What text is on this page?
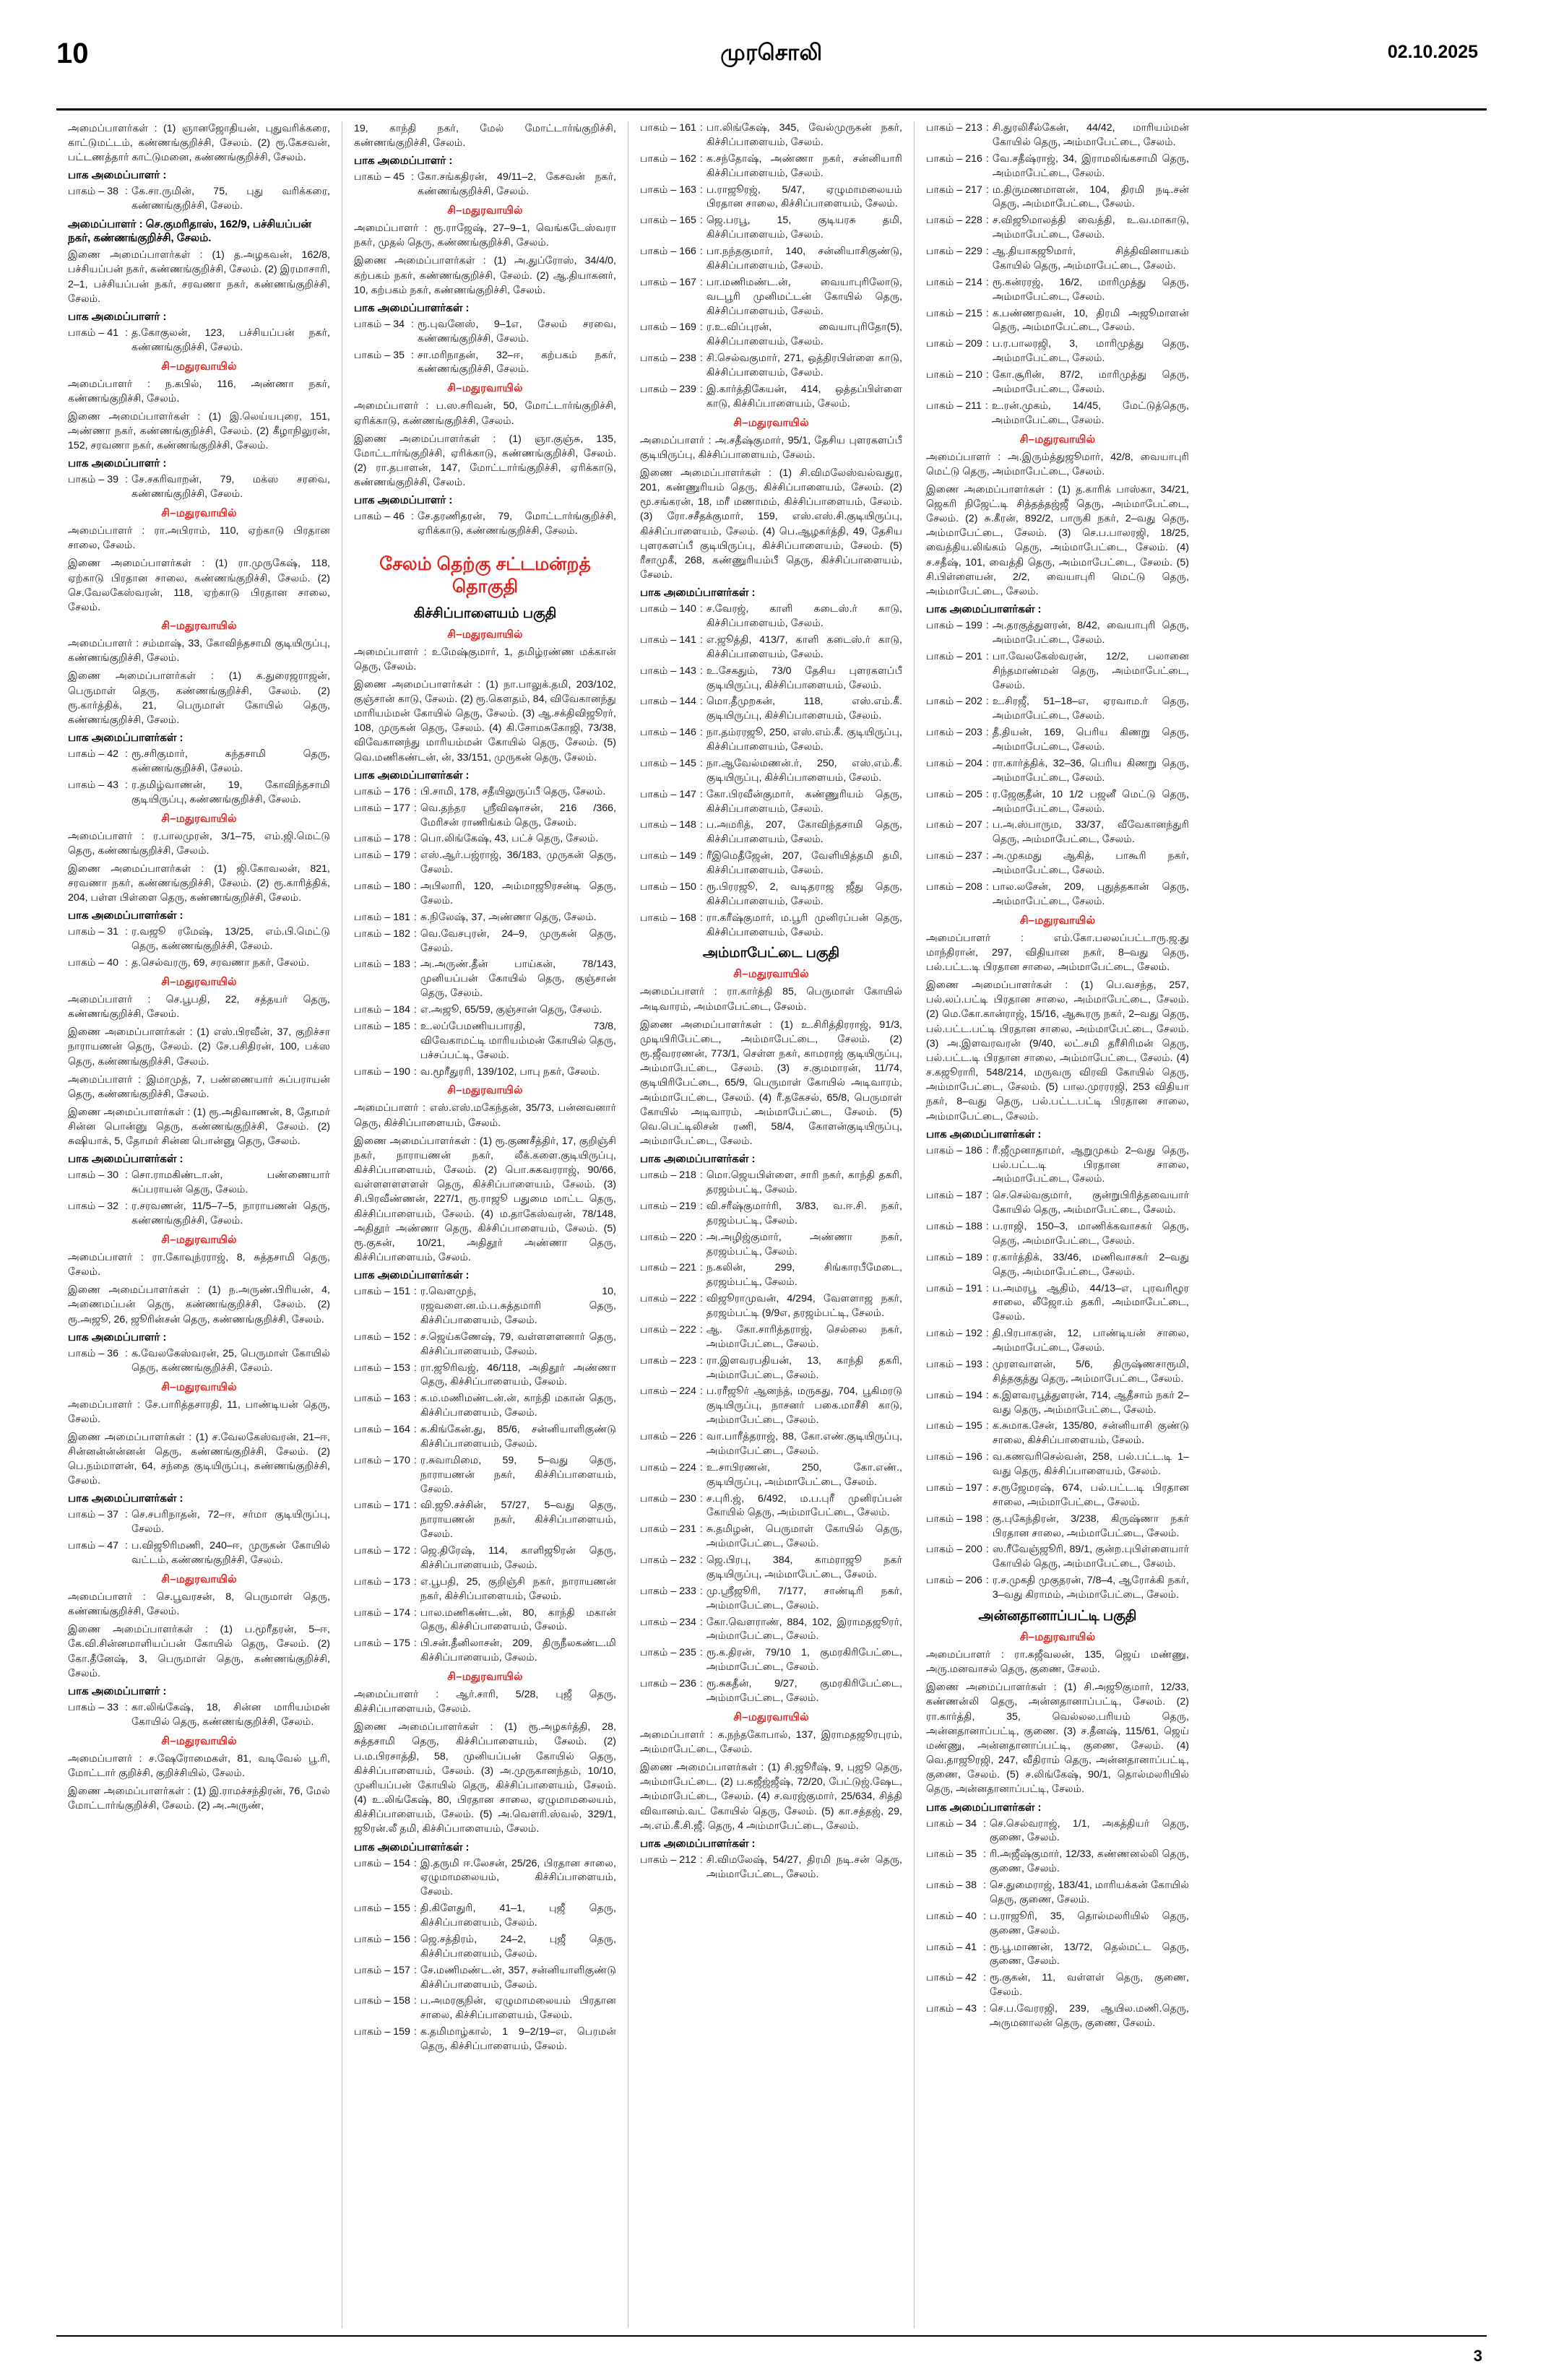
10	முரசொலி	02.10.2025
அமைப்பாளர்கள் : (1) ஞானஜோதியன், புதுவரிக்கரை, காட்டுமட்டம், கண்ணங்குறிச்சி, சேலம். (2) ரூ.கேசவன், பட்டணத்தார் காட்டுமனை, கண்ணங்குறிச்சி, சேலம்.
பாக அமைப்பாளர் :
பாகம் – 38 : கே.சா.ருமின், 75, புது வரிக்கரை, கண்ணங்குறிச்சி, சேலம்.
அமைப்பாளர் : செ.குமரிதாஸ், 162/9, பச்சியப்பன் நகர், கண்ணங்குறிச்சி, சேலம்.
இணை அமைப்பாளர்கள் : (1) த.அழகவன், 162/8, பச்சியப்பன் நகர், கண்ணங்குறிச்சி, சேலம். (2) இரமாசாரி, 2–1, பச்சியப்பன் நகர், சரவணா நகர், கண்ணங்குறிச்சி, சேலம்.
பாக அமைப்பாளர் :
பாகம் – 41 : த.கோகுலன், 123, பச்சியப்பன் நகர், கண்ணங்குறிச்சி, சேலம்.
சி–மதுரவாயில்
அமைப்பாளர் : ந.கபில், 116, அண்ணா நகர், கண்ணங்குறிச்சி, சேலம்.
இணை அமைப்பாளர்கள் : (1) இ.லெய்யபுரை, 151, அண்ணா நகர், கண்ணங்குறிச்சி, சேலம். (2) கீழாநிலுரன், 152, சரவணா நகர், கண்ணங்குறிச்சி, சேலம்.
பாக அமைப்பாளர் :
பாகம் – 39 : சே.சகரிவாறன், 79, மக்ஸ சரவை, கண்ணங்குறிச்சி, சேலம்.
சி–மதுரவாயில்
அமைப்பாளர் : ரா.அபிராம், 110, ஏற்காடு பிரதான சாலை, சேலம்.
இணை அமைப்பாளர்கள் : (1) ரா.முருகேஷ், 118, ஏற்காடு பிரதான சாலை, கண்ணங்குறிச்சி, சேலம். (2) செ.வேலகேஸ்வரன், 118, ஏற்காடு பிரதான சாலை, சேலம்.
சி–மதுரவாயில்
அமைப்பாளர் : சம்மாஷ், 33, கோவிந்தசாமி குடியிருப்பு, கண்ணங்குறிச்சி, சேலம்.
இணை அமைப்பாளர்கள் : (1) க.துரைஜராஜன், பெருமாள் தெரு, கண்ணங்குறிச்சி, சேலம். (2) ரூ.கார்த்திக், 21, பெருமாள் கோயில் தெரு, கண்ணங்குறிச்சி, சேலம்.
பாக அமைப்பாளர்கள் :
பாகம் – 42 : ரூ.சரிகுமார், கந்தசாமி தெரு, கண்ணங்குறிச்சி, சேலம்.
பாகம் – 43 : ர.தமிழ்வாணன், 19, கோவிந்தசாமி குடியிருப்பு, கண்ணங்குறிச்சி, சேலம்.
சி–மதுரவாயில்
அமைப்பாளர் : ர.பாலமுரன், 3/1–75, எம்.ஜி.மெட்டு தெரு, கண்ணங்குறிச்சி, சேலம்.
இணை அமைப்பாளர்கள் : (1) ஜி.கோவலன், 821, சரவணா நகர், கண்ணங்குறிச்சி, சேலம். (2) ரூ.காரித்திக், 204, பள்ள பிள்ளை தெரு, கண்ணங்குறிச்சி, சேலம்.
பாக அமைப்பாளர்கள் :
பாகம் – 31 : ர.வஜூ ரமேஷ், 13/25, எம்.பி.மெட்டு தெரு, கண்ணங்குறிச்சி, சேலம்.
பாகம் – 40 : த.செல்வரரு, 69, சரவணா நகர், சேலம்.
சி–மதுரவாயில்
அமைப்பாளர் : செ.பூபதி, 22, சத்தயர் தெரு, கண்ணங்குறிச்சி, சேலம்.
இணை அமைப்பாளர்கள் : (1) எஸ்.பிரவீன், 37, குறிச்சா நாராயணன் தெரு, சேலம். (2) சே.பசிதிரன், 100, பக்ஸ தெரு, கண்ணங்குறிச்சி, சேலம்.
அமைப்பாளர் : இமாமுத், 7, பண்ணையார் சுப்பராயன் தெரு, கண்ணங்குறிச்சி, சேலம்.
இணை அமைப்பாளர்கள் : (1) ரூ.அதிவாணன், 8, தோமர் சின்ன பொன்னு தெரு, கண்ணங்குறிச்சி, சேலம். (2) சுஷியாக், 5, தோமர் சின்ன பொன்னு தெரு, சேலம்.
பாக அமைப்பாளர்கள் :
பாகம் – 30 : சொ.ராமகிண்டா.ன், பண்ணையார் சுப்பராயன் தெரு, சேலம்.
பாகம் – 32 : ர.சரவணன், 11/5–7–5, நாராயணன் தெரு, கண்ணங்குறிச்சி, சேலம்.
சி–மதுரவாயில்
அமைப்பாளர் : ரா.கோவுந்ரராஜ், 8, சுத்தசாமி தெரு, சேலம்.
இணை அமைப்பாளர்கள் : (1) ந.அருண்.பிரியன், 4, அணைமப்பன் தெரு, கண்ணங்குறிச்சி, சேலம். (2) ரூ.அஜூ, 26, ஜூரின்சன் தெரு, கண்ணங்குறிச்சி, சேலம்.
பாக அமைப்பாளர் :
பாகம் – 36 : க.வேலகேஸ்வரன், 25, பெருமாள் கோயில் தெரு, கண்ணங்குறிச்சி, சேலம்.
சி–மதுரவாயில்
அமைப்பாளர் : சே.பாரித்தசாரதி, 11, பாண்டியன் தெரு, சேலம்.
இணை அமைப்பாளர்கள் : (1) ச.வேலகேஸ்வரன், 21–ஈ, சின்னன்ன்ன்னன் தெரு, கண்ணங்குறிச்சி, சேலம். (2) பெ.நம்மாளன், 64, சந்தை குடியிருப்பு, கண்ணங்குறிச்சி, சேலம்.
பாக அமைப்பாளர்கள் :
பாகம் – 37 : செ.சபரிநாதன், 72–ஈ, சர்மா குடியிருப்பு, சேலம்.
பாகம் – 47 : ப.விஜூரிமணி, 240–ஈ, முருகன் கோயில் வட்டம், கண்ணங்குறிச்சி, சேலம்.
சி–மதுரவாயில்
அமைப்பாளர் : செ.பூவரசன், 8, பெருமாள் தெரு, கண்ணங்குறிச்சி, சேலம்.
இணை அமைப்பாளர்கள் : (1) ப.மூரீதரன், 5–ஈ, கே.வி.சின்னமாளியப்பன் கோயில் தெரு, சேலம். (2) கோ.தீனேஷ், 3, பெருமாள் தெரு, கண்ணங்குறிச்சி, சேலம்.
பாக அமைப்பாளர் :
பாகம் – 33 : கா.லிங்கேஷ், 18, சின்ன மாரியம்மன் கோயில் தெரு, கண்ணங்குறிச்சி, சேலம்.
சி–மதுரவாயில்
அமைப்பாளர் : ச.ஷேரோமைகள், 81, வடிவேல் பூ.ரி, மோட்டார் குறிச்சி, குறிச்சியில், சேலம்.
இணை அமைப்பாளர்கள் : (1) இ.ராமச்சந்திரன், 76, மேல் மோட்டார்ங்குறிச்சி, சேலம். (2) அ.அருண்,
19, காந்தி நகர், மேல் மோட்டார்ங்குறிச்சி, கண்ணங்குறிச்சி, சேலம்.
பாக அமைப்பாளர் :
பாகம் – 45 : கோ.சங்கதிரன், 49/11–2, கேசவன் நகர், கண்ணங்குறிச்சி, சேலம்.
சி–மதுரவாயில்
அமைப்பாளர் : ரூ.ராஜேஷ், 27–9–1, வெங்கடேஸ்வரா நகர், முதல் தெரு, கண்ணங்குறிச்சி, சேலம்.
இணை அமைப்பாளர்கள் : (1) அ.துப்ரோஸ், 34/4/0, கற்பகம் நகர், கண்ணங்குறிச்சி, சேலம். (2) ஆ.தியாகனர், 10, கற்பகம் நகர், கண்ணங்குறிச்சி, சேலம்.
பாக அமைப்பாளர்கள் :
பாகம் – 34 : ரூ.புவனேஸ், 9–1எ, சேலம் சரவை, கண்ணங்குறிச்சி, சேலம்.
பாகம் – 35 : சா.மரிநாதன், 32–ஈ, கற்பகம் நகர், கண்ணங்குறிச்சி, சேலம்.
சி–மதுரவாயில்
அமைப்பாளர் : ப.ஸ.சரிவன், 50, மோட்டார்ங்குறிச்சி, ஏரிக்காடு, கண்ணங்குறிச்சி, சேலம்.
இணை அமைப்பாளர்கள் : (1) ஞா.குஞ்சு, 135, மோட்டார்ங்குறிச்சி, ஏரிக்காடு, கண்ணங்குறிச்சி, சேலம். (2) ரா.தபாளன், 147, மோட்டார்ங்குறிச்சி, ஏரிக்காடு, கண்ணங்குறிச்சி, சேலம்.
பாக அமைப்பாளர் :
பாகம் – 46 : சே.தரணிதரன், 79, மோட்டார்ங்குறிச்சி, ஏரிக்காடு, கண்ணங்குறிச்சி, சேலம்.
சேலம் தெற்கு சட்டமன்றத் தொகுதி
கிச்சிப்பாளையம் பகுதி
சி–மதுரவாயில்
அமைப்பாளர் : உமேஷ்குமார், 1, தமிழ்ரண்ண மக்கான் தெரு, சேலம்.
இணை அமைப்பாளர்கள் : (1) நா.பாலுக்.தமி, 203/102, குஞ்சான் காடு, சேலம். (2) ரூ.கெளதம், 84, விவேகானந்து மாரியம்மன் கோயில் தெரு, சேலம். (3) ஆ.சக்திவிஜூரர், 108, முருகன் தெரு, சேலம். (4) கி.சோமசுகோஜி, 73/38, விவேகானந்து மாரியம்மன் கோயில் தெரு, சேலம். (5) வெ.மணிகண்டன், ன், 33/151, முருகன் தெரு, சேலம்.
பாக அமைப்பாளர்கள் :
பாகம் – 176 : பி.சாமி, 178, சதீயிலுருப்பீ தெரு, சேலம்.
பாகம் – 177 : வெ.தந்தர ஸ்ரீவிஷாசன், 216 /366, மேரிசன் ராணிங்கம் தெரு, சேலம்.
பாகம் – 178 : பொ.லிங்கேஷ், 43, பட்ச் தெரு, சேலம்.
பாகம் – 179 : எஸ்.ஆர்.பஜ்ராஜ், 36/183, முருகன் தெரு, சேலம்.
பாகம் – 180 : அபிலாரி, 120, அம்மாஜூரசன்டி தெரு, சேலம்.
பாகம் – 181 : சு.நிலேஷ், 37, அண்ணா தெரு, சேலம்.
பாகம் – 182 : வெ.வேசபுரன், 24–9, முருகன் தெரு, சேலம்.
பாகம் – 183 : அ.அருண்.தீன் பாய்கன், 78/143, முனியப்பன் கோயில் தெரு, குஞ்சான் தெரு, சேலம்.
பாகம் – 184 : எ.அஜூ, 65/59, குஞ்சான் தெரு, சேலம்.
பாகம் – 185 : உ.லப்பேமணியபாரதி, 73/8, விவேகாமட்டி மாரியம்மன் கோயில் தெரு, பச்சப்பட்டி, சேலம்.
பாகம் – 190 : வ.மூரீதுரரி, 139/102, பாபு நகர், சேலம்.
சி–மதுரவாயில்
அமைப்பாளர் : எஸ்.எஸ்.மகேந்தன், 35/73, பன்னவனார் தெரு, கிச்சிப்பாளையம், சேலம்.
இணை அமைப்பாளர்கள் : (1) ரூ.குணசீத்திர், 17, குறிஞ்சி நகர், நாராயணன் நகர், லீக்.களை.குடியிருப்பு, கிச்சிப்பாளையம், சேலம். (2) பொ.சுகவரராஜ், 90/66, வள்ளளளளளள் தெரு, கிச்சிப்பாளையம், சேலம். (3) சி.பிரவீண்ணன், 227/1, ரூ.ராஜூ பதுமை மாட்ட தெரு, கிச்சிப்பாளையம், சேலம். (4) ம.தாகேஸ்வரன், 78/148, அதிதூர் அண்ணா தெரு, கிச்சிப்பாளையம், சேலம். (5) ரூ.குகன், 10/21, அதிதூர் அண்ணா தெரு, கிச்சிப்பாளையம், சேலம்.
பாக அமைப்பாளர்கள் :
பாகம் – 151 : ர.வெளமுந், 10, ரஜவளை.ன.ம்.ப.சுத்தமாரி தெரு, கிச்சிப்பாளையம், சேலம்.
பாகம் – 152 : ச.ஜெய்கணேஷ், 79, வள்ளளளனார் தெரு, கிச்சிப்பாளையம், சேலம்.
பாகம் – 153 : ரா.ஜூரிவஜ், 46/118, அதிதூர் அண்ணா தெரு, கிச்சிப்பாளையம், சேலம்.
பாகம் – 163 : க.ம.மணிமண்டன்.ன், காந்தி மகான் தெரு, கிச்சிப்பாளையம், சேலம்.
பாகம் – 164 : க.கிங்கேன்.து, 85/6, சன்னியாளிகுண்டு கிச்சிப்பாளையம், சேலம்.
பாகம் – 170 : ர.சுவாமிமை, 59, 5–வது தெரு, நாராயணன் நகர், கிச்சிப்பாளையம், சேலம்.
பாகம் – 171 : வி.ஜூ.சச்சின், 57/27, 5–வது தெரு, நாராயணன் நகர், கிச்சிப்பாளையம், சேலம்.
பாகம் – 172 : ஜெ.திரேஷ், 114, காளிஜூரன் தெரு, கிச்சிப்பாளையம், சேலம்.
பாகம் – 173 : எ.பூபதி, 25, குறிஞ்சி நகர், நாராயணன் நகர், கிச்சிப்பாளையம், சேலம்.
பாகம் – 174 : பால.மணிகண்ட.ன், 80, காந்தி மகான் தெரு, கிச்சிப்பாளையம், சேலம்.
பாகம் – 175 : பி.சன்.தீனிலாசன், 209, திருநீலகண்ட.மி கிச்சிப்பாளையம், சேலம்.
சி–மதுரவாயில்
அமைப்பாளர் : ஆர்.சாரி, 5/28, புஜீ தெரு, கிச்சிப்பாளையம், சேலம்.
இணை அமைப்பாளர்கள் : (1) ரூ.அழகர்த்தி, 28, சுத்தசாமி தெரு, கிச்சிப்பாளையம், சேலம். (2) ப.ம.பிரசாத்தி, 58, முனியப்பன் கோயில் தெரு, கிச்சிப்பாளையம், சேலம். (3) அ.முருகானந்தம், 10/10, முனியப்பன் கோயில் தெரு, கிச்சிப்பாளையம், சேலம். (4) உ.லிங்கேஷ், 80, பிரதான சாலை, ஏழுமாமலையம், கிச்சிப்பாளையம், சேலம். (5) அ.வெளரி.ஸ்வல், 329/1, ஜூரன்.லீ தமி, கிச்சிப்பாளையம், சேலம்.
பாக அமைப்பாளர்கள் :
பாகம் – 154 : இ.தருமி ஈ.லேசன், 25/26, பிரதான சாலை, ஏழுமாமலையம், கிச்சிப்பாளையம், சேலம்.
பாகம் – 155 : தி.கிளேதுரி, 41–1, புஜீ தெரு, கிச்சிப்பாளையம், சேலம்.
பாகம் – 156 : ஜெ.சத்திரம், 24–2, புஜீ தெரு, கிச்சிப்பாளையம், சேலம்.
பாகம் – 157 : சே.மணிமண்ட.ன், 357, சன்னியாளிகுண்டு கிச்சிப்பாளையம், சேலம்.
பாகம் – 158 : ப.அமரகுநின், ஏழுமாமலையம் பிரதான சாலை, கிச்சிப்பாளையம், சேலம்.
பாகம் – 159 : க.தமிமாழ்கால், 1 9–2/19–எ, பெரமன் தெரு, கிச்சிப்பாளையம், சேலம்.
பாகம் – 161 : பா.லிங்கேஷ், 345, வேல்முருகன் நகர், கிச்சிப்பாளையம், சேலம்.
பாகம் – 162 : க.சந்தோஷ், அண்ணா நகர், சன்னியாரி கிச்சிப்பாளையம், சேலம்.
பாகம் – 163 : ப.ராஜூரஜ், 5/47, ஏழுமாமலையம் பிரதான சாலை, கிச்சிப்பாளையம், சேலம்.
பாகம் – 165 : ஜெ.பரபூ, 15, குடியரசு தமி, கிச்சிப்பாளையம், சேலம்.
பாகம் – 166 : பா.நந்தகுமார், 140, சன்னியாசிகுண்டு, கிச்சிப்பாளையம், சேலம்.
பாகம் – 167 : பா.மணிமண்ட.ன், வையாபுரிலோடு, வடபூரி முனிமட்டன் கோயில் தெரு, கிச்சிப்பாளையம், சேலம்.
பாகம் – 169 : ர.உ.விப்புரன், வையாபுரிதோ(5), கிச்சிப்பாளையம், சேலம்.
பாகம் – 238 : சி.செல்வகுமார், 271, ஒத்திரபிள்ளை காடு, கிச்சிப்பாளையம், சேலம்.
பாகம் – 239 : இ.கார்த்திகேயன், 414, ஒத்தப்பிள்ளை காடு, கிச்சிப்பாளையம், சேலம்.
சி–மதுரவாயில்
அமைப்பாளர் : அ.சதீஷ்குமார், 95/1, தேசிய புளரகளப்பீ குடியிருப்பு, கிச்சிப்பாளையம், சேலம்.
இணை அமைப்பாளர்கள் : (1) சி.விமலேஸ்வல்வதுர, 201, கண்ணுரியம் தெரு, கிச்சிப்பாளையம், சேலம். (2) மூ.சங்கரன், 18, மரீ மணாமம், கிச்சிப்பாளையம், சேலம். (3) ரோ.சசீதக்குமார், 159, எஸ்.எஸ்.சி.குடியிருப்பு, கிச்சிப்பாளையம், சேலம். (4) பெ.ஆழகர்த்தி, 49, தேசிய புளரகளப்பீ குடியிருப்பு, கிச்சிப்பாளையம், சேலம். (5) ரீசாமுகீ, 268, கண்ணுரியம்பீ தெரு, கிச்சிப்பாளையம், சேலம்.
பாக அமைப்பாளர்கள் :
பாகம் – 140 : ச.வேரஜ், காளி கடைஸ்.ர் காடு, கிச்சிப்பாளையம், சேலம்.
பாகம் – 141 : எ.ஜூத்தி, 413/7, காளி கடைஸ்.ர் காடு, கிச்சிப்பாளையம், சேலம்.
பாகம் – 143 : உ.சேகதும், 73/0 தேசிய புளரகளப்பீ குடியிருப்பு, கிச்சிப்பாளையம், சேலம்.
பாகம் – 144 : மொ.தீமுறகன், 118, எஸ்.எம்.கீ. குடியிருப்பு, கிச்சிப்பாளையம், சேலம்.
பாகம் – 146 : நா.தம்ரரஜூ, 250, எஸ்.எம்.கீ. குடியிருப்பு, கிச்சிப்பாளையம், சேலம்.
பாகம் – 145 : நா.ஆவேல்மணன்.ர், 250, எஸ்.எம்.கீ. குடியிருப்பு, கிச்சிப்பாளையம், சேலம்.
பாகம் – 147 : கோ.பிரவீன்குமார், கண்ணுரியம் தெரு, கிச்சிப்பாளையம், சேலம்.
பாகம் – 148 : ப.அமரித், 207, கோவிந்தசாமி தெரு, கிச்சிப்பாளையம், சேலம்.
பாகம் – 149 : ரீஇமெதீஜேன், 207, வேளியித்தமி தமி, கிச்சிப்பாளையம், சேலம்.
பாகம் – 150 : ரூ.பிரரஜூ, 2, வடிதராஜ ஜீது தெரு, கிச்சிப்பாளையம், சேலம்.
பாகம் – 168 : ரா.கரீஷ்குமார், ம.பூரி முனிரப்பன் தெரு, கிச்சிப்பாளையம், சேலம்.
அம்மாபேட்டை பகுதி
சி–மதுரவாயில்
அமைப்பாளர் : ரா.கார்த்தி 85, பெருமாள் கோயில் அடிவாரம், அம்மாபேட்டை, சேலம்.
இணை அமைப்பாளர்கள் : (1) உ.சிரித்திரராஜ், 91/3, முடியிரிபேட்டை, அம்மாபேட்டை, சேலம். (2) ரூ.ஜீவரரணன், 773/1, செள்ள நகர், காமராஜ் குடியிருப்பு, அம்மாபேட்டை, சேலம். (3) ச.குமமாரன், 11/74, குடியிரிபேட்டை, 65/9, பெருமாள் கோயில் அடிவாரம், அம்மாபேட்டை, சேலம். (4) ரீ.தகேசல், 65/8, பெருமாள் கோயில் அடிவாரம், அம்மாபேட்டை, சேலம். (5) வெ.பெட்டிலிசன் ரணி, 58/4, கோளன்குடியிருப்பு, அம்மாபேட்டை, சேலம்.
பாக அமைப்பாளர்கள் :
பாகம் – 218 : மொ.ஜெயபிள்ளை, சாரி நகர், காந்தி தகரி, தரஜம்பட்டி, சேலம்.
பாகம் – 219 : வி.சரீஷ்குமார்ரி, 3/83, வ.ஈ.சி. நகர், தரஜம்பட்டி, சேலம்.
பாகம் – 220 : அ.அழிஜ்குமார், அண்ணா நகர், தரஜம்பட்டி, சேலம்.
பாகம் – 221 : ந.கலின், 299, சிங்காரபீமேடை, தரஜம்பட்டி, சேலம்.
பாகம் – 222 : விஜூராமுவன், 4/294, வேளளாஜ நகர், தரஜம்பட்டி (9/9எ, தரஜம்பட்டி, சேலம்.
பாகம் – 222 : ஆ. கோ.சாரித்தராஜ், செல்லை நகர், அம்மாபேட்டை, சேலம்.
பாகம் – 223 : ரா.இளவரபதியன், 13, காந்தி தகரி, அம்மாபேட்டை, சேலம்.
பாகம் – 224 : ப.ரரீஜூர் ஆனந்த், மருகது, 704, பூகிமரடு குடியிருப்பு, நாசனர் பகை.மாசீசி காடு, அம்மாபேட்டை, சேலம்.
பாகம் – 226 : வா.பாரீத்தராஜ், 88, கோ.எண்.குடியிருப்பு, அம்மாபேட்டை, சேலம்.
பாகம் – 224 : உ.சாபிரணன், 250, கோ.எண்., குடியிருப்பு, அம்மாபேட்டை, சேலம்.
பாகம் – 230 : ச.புரி.ஜ், 6/492, ம.ப.புரீ முனிரப்பன் கோயில் தெரு, அம்மாபேட்டை, சேலம்.
பாகம் – 231 : சு.தமிழன், பெருமாள் கோயில் தெரு, அம்மாபேட்டை, சேலம்.
பாகம் – 232 : ஜெ.பிரபு, 384, காமராஜூ நகர் குடியிருப்பு, அம்மாபேட்டை, சேலம்.
பாகம் – 233 : மு.ஸ்ரீஜூரி, 7/177, சாண்டிரி நகர், அம்மாபேட்டை, சேலம்.
பாகம் – 234 : கோ.வெளராண், 884, 102, இராமதஜூரர், அம்மாபேட்டை, சேலம்.
பாகம் – 235 : ரூ.க.திரன், 79/10 1, குமரகிரிபேட்டை, அம்மாபேட்டை, சேலம்.
பாகம் – 236 : ரூ.சுகதீன், 9/27, குமரகிரிபேட்டை, அம்மாபேட்டை, சேலம்.
சி–மதுரவாயில்
அமைப்பாளர் : க.நந்தகோபால், 137, இராமதஜூரபுரம், அம்மாபேட்டை, சேலம்.
இணை அமைப்பாளர்கள் : (1) சி.ஜூரீஷ், 9, புஜூ தெரு, அம்மாபேட்டை. (2) ப.கஜீஜ்ஜீஷ், 72/20, பேட்டுஜ்.ஷேட, அம்மாபேட்டை, சேலம். (4) ச.வரஜ்குமார், 25/634, சித்தி விவானம்.வட் கோயில் தெரு, சேலம். (5) கா.சத்தஜ், 29, அ.எம்.கீ.சி.ஜீ. தெரு, 4 அம்மாபேட்டை, சேலம்.
பாக அமைப்பாளர்கள் :
பாகம் – 212 : சி.விமலேஷ், 54/27, திரமி நடி.சன் தெரு, அம்மாபேட்டை, சேலம்.
பாகம் – 213 : சி.துரலிசீல்கேன், 44/42, மாரியம்மன் கோயில் தெரு, அம்மாபேட்டை, சேலம்.
பாகம் – 216 : வே.சதீஷ்ராஜ், 34, இராமலிங்கசாமி தெரு, அம்மாபேட்டை, சேலம்.
பாகம் – 217 : ம.திருமணமாளன், 104, திரமி நடி.சன் தெரு, அம்மாபேட்டை, சேலம்.
பாகம் – 228 : ச.விஜூமாலத்தி வைத்தி, உ.வ.மாகாடு, அம்மாபேட்டை, சேலம்.
பாகம் – 229 : ஆ.தியாகஜூமார், சித்திவினாயகம் கோயில் தெரு, அம்மாபேட்டை, சேலம்.
பாகம் – 214 : ரூ.கன்ரரஜ், 16/2, மாரிமுத்து தெரு, அம்மாபேட்டை, சேலம்.
பாகம் – 215 : க.பண்ணறவன், 10, திரமி அஜூமாளன் தெரு, அம்மாபேட்டை, சேலம்.
பாகம் – 209 : ப.ர.பாலரஜி, 3, மாரிமுத்து தெரு, அம்மாபேட்டை, சேலம்.
பாகம் – 210 : கோ.சூரின், 87/2, மாரிமுத்து தெரு, அம்மாபேட்டை, சேலம்.
பாகம் – 211 : உ.ரன்.முகம், 14/45, மேட்டுத்தெரு, அம்மாபேட்டை, சேலம்.
சி–மதுரவாயில்
அமைப்பாளர் : அ.இரும்த்துஜூமார், 42/8, வையாபுரி மெட்டு தெரு, அம்மாபேட்டை, சேலம்.
இணை அமைப்பாளர்கள் : (1) த.காரிக் பாஸ்கா, 34/21, ஜெகரி நிஜேட்.டி சித்தத்தஜ்ஜீ தெரு, அம்மாபேட்டை, சேலம். (2) சு.கீரன், 892/2, பாருகி நகர், 2–வது தெரு, அம்மாபேட்டை, சேலம். (3) செ.ப.பாலரஜி, 18/25, வைத்திய.லிங்கம் தெரு, அம்மாபேட்டை, சேலம். (4) ச.சதீஷ், 101, வைத்தி தெரு, அம்மாபேட்டை, சேலம். (5) சி.பிள்ளையன், 2/2, வையாபுரி மெட்டு தெரு, அம்மாபேட்டை, சேலம்.
பாக அமைப்பாளர்கள் :
பாகம் – 199 : அ.தரகுத்துளரன், 8/42, வையாபுரி தெரு, அம்மாபேட்டை, சேலம்.
பாகம் – 201 : பா.வேலகேஸ்வரன், 12/2, பலானை சிந்தமாண்மன் தெரு, அம்மாபேட்டை, சேலம்.
பாகம் – 202 : உ.சிரஜீ, 51–18–எ, ஏரவாம.ர் தெரு, அம்மாபேட்டை, சேலம்.
பாகம் – 203 : தீ.தியன், 169, பெரிய கிணறு தெரு, அம்மாபேட்டை, சேலம்.
பாகம் – 204 : ரா.கார்த்திக், 32–36, பெரிய கிணறு தெரு, அம்மாபேட்டை, சேலம்.
பாகம் – 205 : ர.ஜேகுதீன், 10 1/2 பஜனீ மெட்டு தெரு, அம்மாபேட்டை, சேலம்.
பாகம் – 207 : ப.அ.ஸ்பாரும, 33/37, வீவேகானந்துரி தெரு, அம்மாபேட்டை, சேலம்.
பாகம் – 237 : அ.முகமது ஆகித், பாகூரி நகர், அம்மாபேட்டை, சேலம்.
பாகம் – 208 : பால.லசேன், 209, புதுத்தகான் தெரு, அம்மாபேட்டை, சேலம்.
சி–மதுரவாயில்
அமைப்பாளர் : எம்.கோ.பலலப்பட்டாரு.ஜ.து மாந்திரான், 297, விதியான நகர், 8–வது தெரு, பல்.பட்ட.டி பிரதான சாலை, அம்மாபேட்டை, சேலம்.
இணை அமைப்பாளர்கள் : (1) பெ.வசந்த, 257, பல்.லப்.பட்டி பிரதான சாலை, அம்மாபேட்டை, சேலம். (2) மெ.கோ.கான்ராஜ், 15/16, ஆகூரரு நகர், 2–வது தெரு, பல்.பட்ட.பட்டி பிரதான சாலை, அம்மாபேட்டை, சேலம். (3) அ.இளவரவரன் (9/40, லட்.சமி தரீசிரிமன் தெரு, பல்.பட்ட.டி பிரதான சாலை, அம்மாபேட்டை, சேலம். (4) ச.கஜூராரி, 548/214, மருவரு விரவி கோயில் தெரு, அம்மாபேட்டை, சேலம். (5) பால.முரரரஜி, 253 விதியா நகர், 8–வது தெரு, பல்.பட்ட.பட்டி பிரதான சாலை, அம்மாபேட்டை, சேலம்.
பாக அமைப்பாளர்கள் :
பாகம் – 186 : ரீ.ஜீமுனாதாமர், ஆறுமுகம் 2–வது தெரு, பல்.பட்ட.டி பிரதான சாலை, அம்மாபேட்டை, சேலம்.
பாகம் – 187 : செ.செல்வகுமார், குன்றுபிரித்தவையார் கோயில் தெரு, அம்மாபேட்டை, சேலம்.
பாகம் – 188 : ப.ராஜி, 150–3, மாணிக்கவாசகர் தெரு, தெரு, அம்மாபேட்டை, சேலம்.
பாகம் – 189 : ர.கார்த்திக், 33/46, மணிவாசகர் 2–வது தெரு, அம்மாபேட்டை, சேலம்.
பாகம் – 191 : ப.அமரபூ ஆதிம், 44/13–எ, புரவரிழூர சாலை, லீஜோ.ம் தகரி, அம்மாபேட்டை, சேலம்.
பாகம் – 192 : தி.பிரபாகரன், 12, பாண்டியன் சாலை, அம்மாபேட்டை, சேலம்.
பாகம் – 193 : முரளவாளன், 5/6, திருஷ்ணசாரூமி, சித்தகுத்து தெரு, அம்மாபேட்டை, சேலம்.
பாகம் – 194 : க.இளவரபூத்துளரன், 714, ஆதீசாம் நகர் 2–வது தெரு, அம்மாபேட்டை, சேலம்.
பாகம் – 195 : க.சுமாக.சேன், 135/80, சன்னியாசி குண்டு சாலை, கிச்சிப்பாளையம், சேலம்.
பாகம் – 196 : வ.கணவரிசெல்வன், 258, பல்.பட்ட.டி 1–வது தெரு, கிச்சிப்பாளையம், சேலம்.
பாகம் – 197 : ச.ரூஜேமரஷ், 674, பல்.பட்ட.டி பிரதான சாலை, அம்மாபேட்டை, சேலம்.
பாகம் – 198 : கு.புகேந்திரன், 3/238, கிருஷ்ணா நகர் பிரதான சாலை, அம்மாபேட்டை, சேலம்.
பாகம் – 200 : ஸ.ரீவேஞ்ஜூரி, 89/1, குன்ற.புபிள்ளையார் கோயில் தெரு, அம்மாபேட்டை, சேலம்.
பாகம் – 206 : ர.ச.முகதி முகுதரன், 7/8–4, ஆரோக்கி நகர், 3–வது கிராமம், அம்மாபேட்டை, சேலம்.
அன்னதானாப்பட்டி பகுதி
சி–மதுரவாயில்
அமைப்பாளர் : ரா.கஜீவலன், 135, ஜெய் மண்ணு, அரு.மனவாசல் தெரு, குணை, சேலம்.
இணை அமைப்பாளர்கள் : (1) சி.அஜூகுமார், 12/33, கண்ணன்லி தெரு, அன்னதானாப்பட்டி, சேலம். (2) ரா.கார்த்தி, 35, வெல்லல.பரியம் தெரு, அன்னதானாப்பட்டி, குணை. (3) ச.தீனஷ், 115/61, ஜெய் மண்ணு, அன்னதானாப்பட்டி, குணை, சேலம். (4) வெ.தாஜூரஜி, 247, வீதிராம் தெரு, அன்னதானாப்பட்டி, குணை, சேலம். (5) ச.லிங்கேஷ், 90/1, தொல்மலரியில் தெரு, அன்னதானாப்பட்டி, சேலம்.
பாக அமைப்பாளர்கள் :
பாகம் – 34 : செ.செல்வராஜ், 1/1, அகத்தியர் தெரு, குணை, சேலம்.
பாகம் – 35 : ரி.அஜீஷ்குமார், 12/33, கண்ணனல்லி தெரு, குணை, சேலம்.
பாகம் – 38 : செ.துமைராஜ், 183/41, மாரியக்கன் கோயில் தெரு, குணை, சேலம்.
பாகம் – 40 : ப.ராஜூரி, 35, தொல்மலரியில் தெரு, குணை, சேலம்.
பாகம் – 41 : ரூ.பூ.மாணன், 13/72, தெல்மட்ட தெரு, குணை, சேலம்.
பாகம் – 42 : ரூ.குகன், 11, வள்ளள் தெரு, குணை, சேலம்.
பாகம் – 43 : செ.ப.வேரரஜி, 239, ஆயில.மணி.தெரு, அருமனாலன் தெரு, குணை, சேலம்.
3
